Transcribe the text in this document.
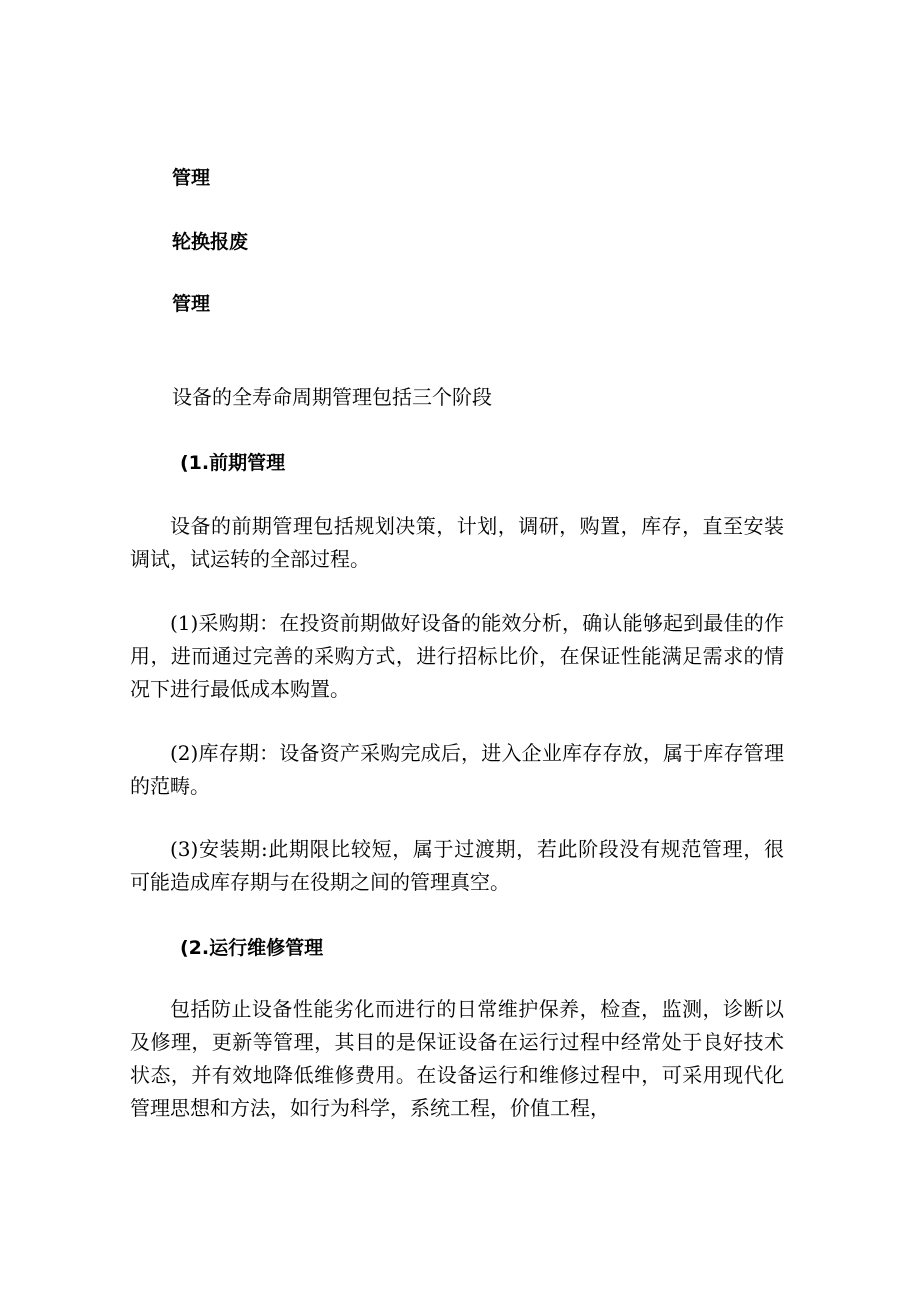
管理

轮换报废

管理

设备的全寿命周期管理包括三个阶段

(1.前期管理

设备的前期管理包括规划决策，计划，调研，购置，库存，直至安装调试，试运转的全部过程。

(1)采购期：在投资前期做好设备的能效分析，确认能够起到最佳的作用，进而通过完善的采购方式，进行招标比价，在保证性能满足需求的情况下进行最低成本购置。

(2)库存期：设备资产采购完成后，进入企业库存存放，属于库存管理的范畴。

(3)安装期:此期限比较短，属于过渡期，若此阶段没有规范管理，很可能造成库存期与在役期之间的管理真空。

(2.运行维修管理

包括防止设备性能劣化而进行的日常维护保养，检查，监测，诊断以及修理，更新等管理，其目的是保证设备在运行过程中经常处于良好技术状态，并有效地降低维修费用。在设备运行和维修过程中，可采用现代化管理思想和方法，如行为科学，系统工程，价值工程，
